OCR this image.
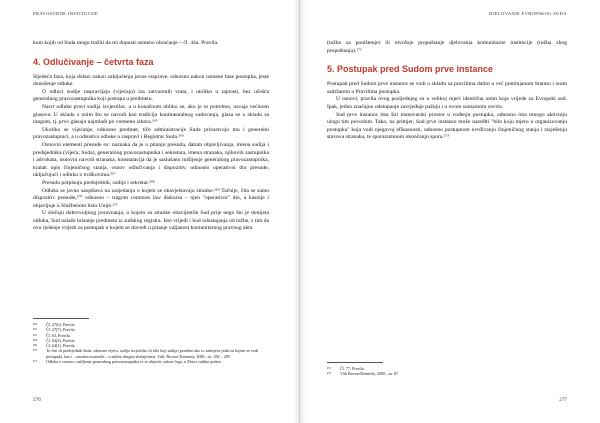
PRAVOSUDNE INSTITUCIJE

kom kojih od Suda mogu tražiti da mi dopusti usmeno obraćanje – čl. 44a. Pravila.

4. Odlučivanje – četvrta faza

Sljedeća faza, koja dolazi nakon zaključenja javne rasprave, odnosno nakon usmene faze postupka, jeste donošenje odluke.

O odluci sudije raspravljaju (vijećaju) iza zatvorenih vrata, i utoliko u tajnosti, bez učešća generalnog pravozastupnika koji postupa u predmetu.

Nacrt odluke pravi sudija izvjestilac, a u konačnom obliku se, ako je to potrebno, usvaja većinom glasova. U skladu s onim što se navodi kao tradicija kontinentalnog sudovanja, glasa se u skladu sa rangom, tj. prvo glasaju najmlađi po vremenu izbora.²⁶⁵

Ukoliko se vijećanje, odnosno predmet, tiče administracije Suda prisustvuju mu i generalni pravozastupnici, a u odsustvu odluke u raspravi i Registrar Suda.²⁶⁶

Osnovni elementi presude su: naznaka da je u pitanju presuda, datum objavljivanja, imena sudija i predsjednika (vijeća; Suda), generalnog pravozastupnika i sekretara, imena stranaka, njihovih zastupnika i advokata, osnovni navodi stranaka, konstatacija da je saslušano mišljenje generalnog pravozastupnika, kratak opis činjeničnog stanja, osnov odlučivanja i dispozitiv, odnosno operativni dio presude, uključujući i odluku o troškovima.²⁶⁷

Presudu potpisuju predsjednik, sudije i sekretar.²⁶⁸

Odluka se javno saopštava na zasjedanju o kojem se obavještavaju stranke.²⁶⁹ Tačnije, čita se samo dispozitiv presude,²⁷⁰ odnosno – tragom common law diskursa – njen "operativni" dio, a kasnije i objavljuje u Službenom listu Unije.²⁷¹

U slučaju dobrovoljnog poravnanja, o kojem su stranke obavijestile Sud prije nego što je donijeta odluka, Sud nalaže brisanje predmeta iz sudskog registra. Isto vrijedi i kod odustajanja od tužbe, s tim da ovo rješenje vrijedi za postupak u kojem se dovodi u pitanje valjanost komunitarnog pravnog akta

²⁶⁵	Čl. 27(6), Pravila.
²⁶⁶	Čl. 27(7), Pravila.
²⁶⁷	Čl. 63, Pravila.
²⁶⁸	Čl. 64(2), Pravila.
²⁶⁹	Čl. 64(1), Pravila.
²⁷⁰	To čini ili predsjednik Suda, odnosno vijeća, sudija izvjestilac ili bilo koji sudija (posebno ako to zahtijeva jezik na kojem se vodi postupak), kao i – mutatis mutandis – u nekim drugim slučajevima. Vidi: Brown/ Kennedy, 2000., str. 284 – 285.
²⁷¹	Odluka o statusu i mišljenje generalnog pravozastupnika će se objaviti, nakon čega, u Zbirci sudske prakse.
276
DJELOVANJE EVROPSKOG SUDA

(tužba za poništenje) ili utvrđuje propuštanje djelovanja komunitarne institucije (tužba zbog propuštanja).²⁷²

5. Postupak pred Sudom prve instance

Postupak pred Sudom prve instance se vodi u skladu sa pravilima datim u već pominjanom Statutu i onim sadržanim u Pravilima postupka.

U osnovi, pravila ovog posljednjeg su u velikoj mjeri identična onim koja vrijede za Evropski sud. Ipak, jedno značajno odstupanje zavrjeđuje pažnju i u ovom sumarnom osvrtu.

Sud prve instance ima širi manevarski prostor u vođenju postupka, odnosno ima mnogo aktivniju ulogu tim povodom. Tako, na primjer, Sud prve instance može naređiti "bilo koju mjeru u organizovanju postupka" koja vodi njegovoj efikasnosti, odnosno postupnom uvrđivanju činjeničnog stanja i razješenju stavova stranaka, te sporazumnom okončanju spora.²⁷³

²⁷²	Čl. 77, Pravila.
²⁷³	Vidi Brown/Kennedy, 2000., str. 87.
277
